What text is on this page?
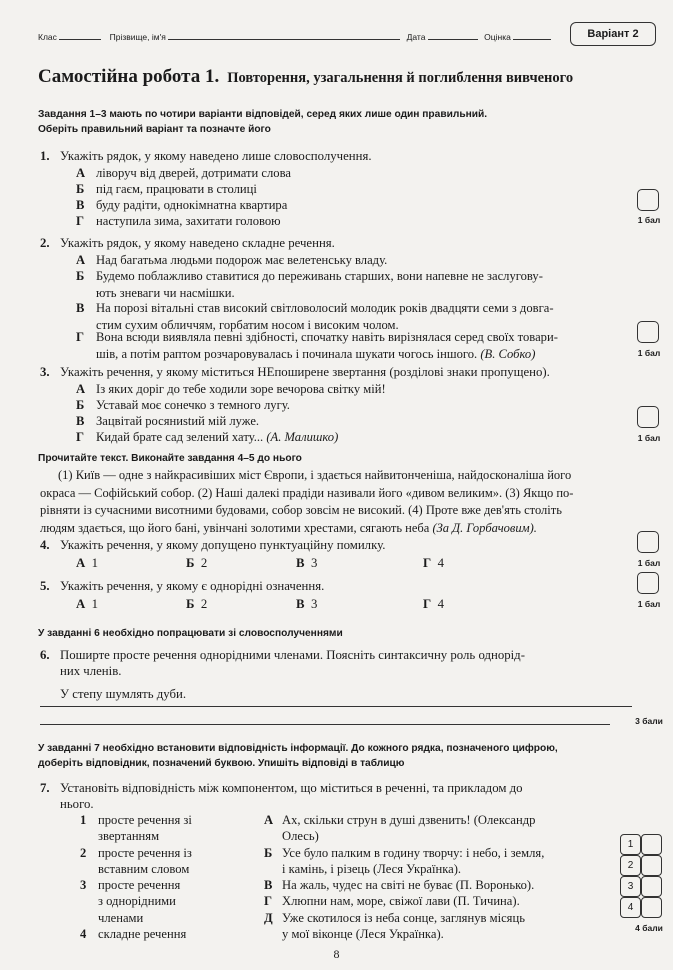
Клас	Прізвище, ім'я	Дата	Оцінка	Варіант 2
Самостійна робота 1. Повторення, узагальнення й поглиблення вивченого
Завдання 1–3 мають по чотири варіанти відповідей, серед яких лише один правильний.
Оберіть правильний варіант та позначте його
1. Укажіть рядок, у якому наведено лише словосполучення.
А ліворуч від дверей, дотримати слова
Б під гаєм, працювати в столиці
В буду радіти, однокімнатна квартира
Г наступила зима, захитати головою	1 бал
2. Укажіть рядок, у якому наведено складне речення.
А Над багатьма людьми подорож має велетенську владу.
Б Будемо поблажливо ставитися до переживань старших, вони напевне не заслугову-
ють зневаги чи насмішки.
В На порозі вітальні став високий світловолосий молодик років двадцяти семи з довга-
стим сухим обличчям, горбатим носом і високим чолом.
Г Вона всюди виявляла певні здібності, спочатку навіть вирізнялася серед своїх товари-
шів, а потім раптом розчаровувалась і починала шукати чогось іншого. (В. Собко)	1 бал
3. Укажіть речення, у якому міститься НЕпоширене звертання (розділові знаки пропущено).
А Із яких доріг до тебе ходили зоре вечорова світку мій!
Б Уставай моє сонечко з темного лугу.
В Зацвітай росяниstий мій луже.
Г Кидай брате сад зелений хату... (А. Малишко)	1 бал
Прочитайте текст. Виконайте завдання 4–5 до нього
(1) Київ — одне з найкрасивіших міст Європи, і здається найвитонченіша, найдосконаліша його
окраса — Софійський собор. (2) Наші далекі прадіди називали його «дивом великим». (3) Якщо по-
рівняти із сучасними висотними будовами, собор зовсім не високий. (4) Проте вже дев'ять століть
людям здається, що його бані, увінчані золотими хрестами, сягають неба (За Д. Горбачовим).
4. Укажіть речення, у якому допущено пунктуаційну помилку.
А 1	Б 2	В 3	Г 4	1 бал
5. Укажіть речення, у якому є однорідні означення.
А 1	Б 2	В 3	Г 4	1 бал
У завданні 6 необхідно попрацювати зі словосполученнями
6. Поширте просте речення однорідними членами. Поясніть синтаксичну роль однорід-
них членів.
У степу шумлять дуби.
3 бали
У завданні 7 необхідно встановити відповідність інформації. До кожного рядка, позначеного цифрою,
доберіть відповідник, позначений буквою. Упишіть відповіді в таблицю
7. Установіть відповідність між компонентом, що міститься в реченні, та прикладом до
нього.
1 просте речення зі
звертанням
2 просте речення із
вставним словом
3 просте речення
з однорідними
членами
4 складне речення
А Ах, скільки струн в душі дзвенить! (Олександр
Олесь)
Б Усе було палким в годину творчу: і небо, і земля,
і камінь, і різець (Леся Українка).
В На жаль, чудес на світі не буває (П. Воронько).
Г Хлюпни нам, море, свіжої лави (П. Тичина).
Д Уже скотилося із неба сонце, заглянув місяць
у мої віконце (Леся Українка).
1
2
3
4
4 бали
8
